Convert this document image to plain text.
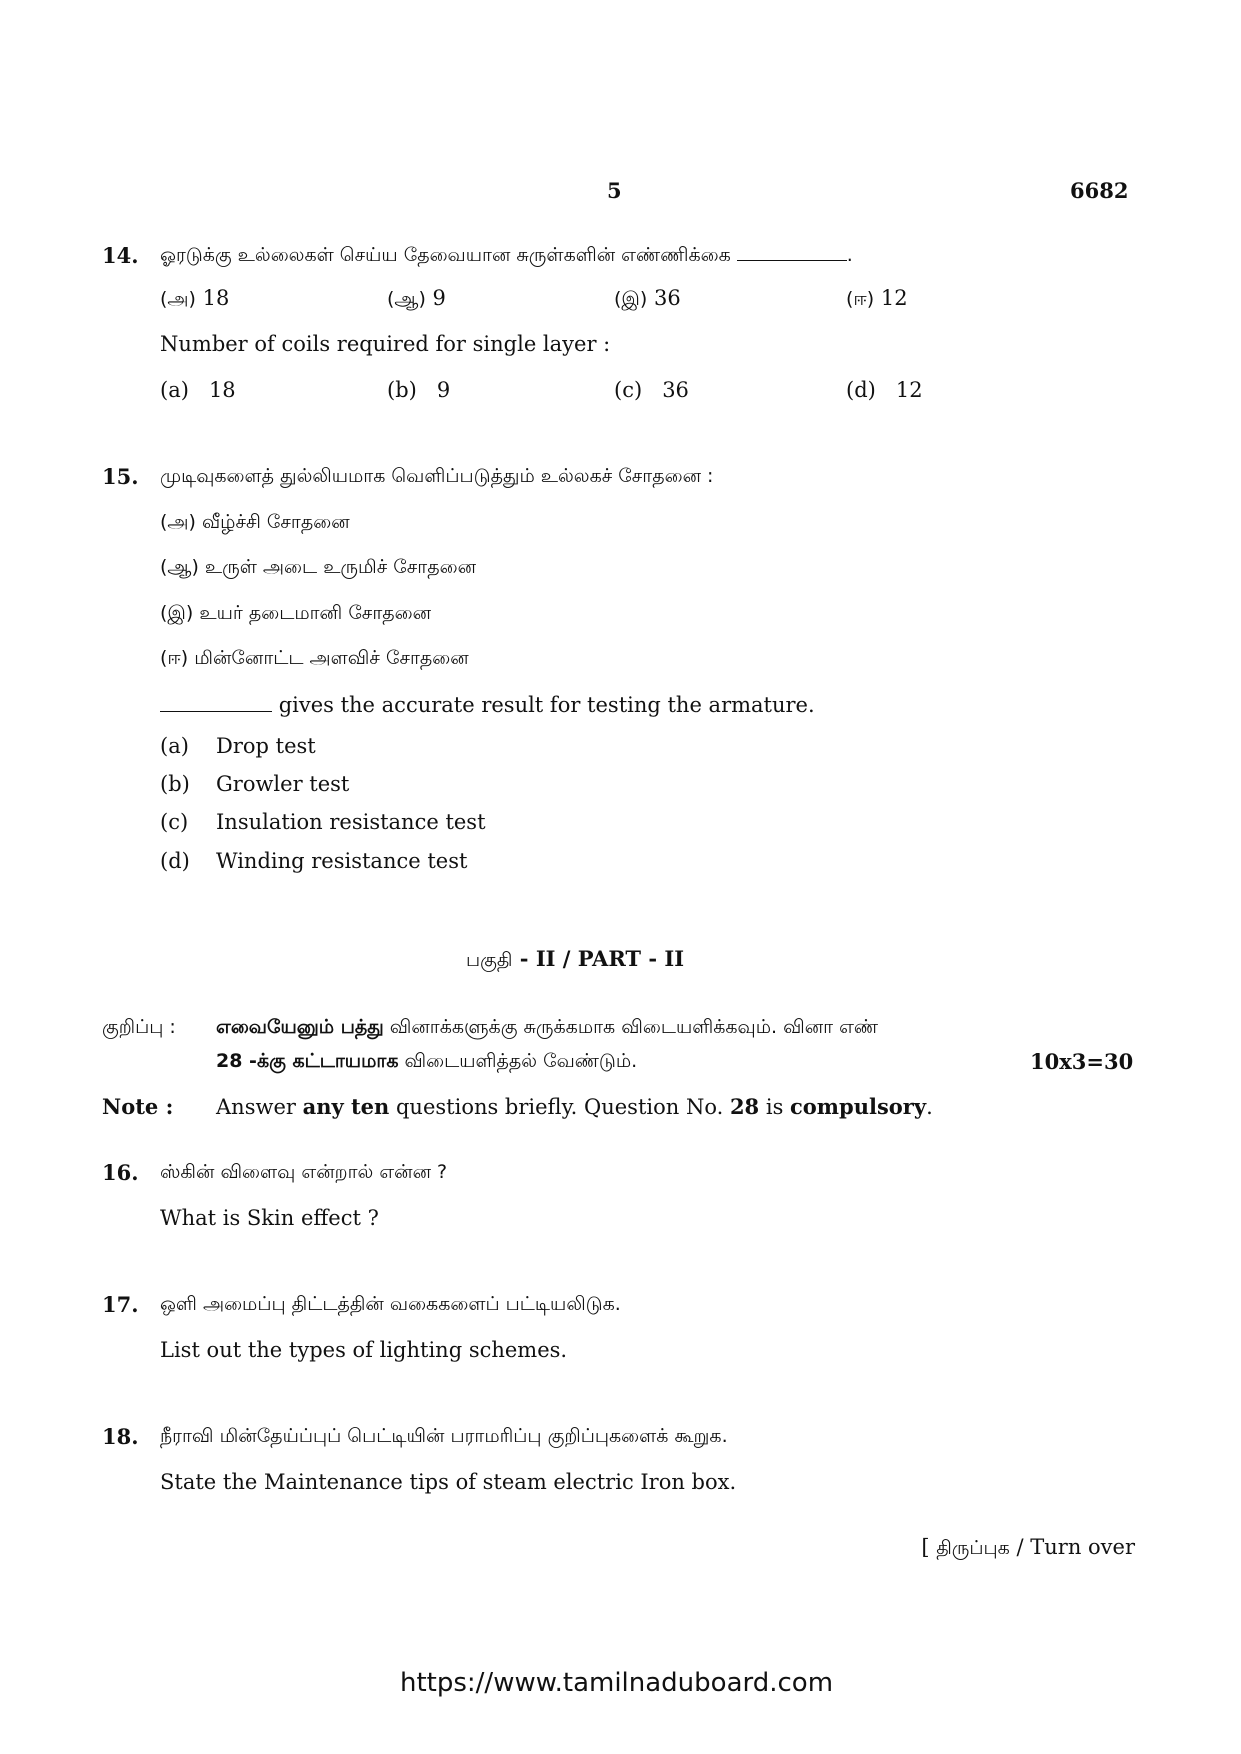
5	6682
14. ஓரடுக்கு உல்லைகள் செய்ய தேவையான சுருள்களின் எண்ணிக்கை	.
(அ) 18	(ஆ) 9	(இ) 36	(ஈ) 12
Number of coils required for single layer :
(a) 18	(b) 9	(c) 36	(d) 12
15. முடிவுகளைத் துல்லியமாக வெளிப்படுத்தும் உல்லகச் சோதனை :
(அ) வீழ்ச்சி சோதனை
(ஆ) உருள் அடை உருமிச் சோதனை
(இ) உயர் தடைமானி சோதனை
(ஈ) மின்னோட்ட அளவிச் சோதனை
gives the accurate result for testing the armature.
(a) Drop test
(b) Growler test
(c) Insulation resistance test
(d) Winding resistance test
பகுதி - II / PART - II
குறிப்பு : எவையேனும் பத்து வினாக்களுக்கு சுருக்கமாக விடையளிக்கவும். வினா எண்
28 -க்கு கட்டாயமாக விடையளித்தல் வேண்டும்.	10x3=30
Note : Answer any ten questions briefly. Question No. 28 is compulsory.
16. ஸ்கின் விளைவு என்றால் என்ன ?
What is Skin effect ?
17. ஒளி அமைப்பு திட்டத்தின் வகைகளைப் பட்டியலிடுக.
List out the types of lighting schemes.
18. நீராவி மின்தேய்ப்புப் பெட்டியின் பராமரிப்பு குறிப்புகளைக் கூறுக.
State the Maintenance tips of steam electric Iron box.
[ திருப்புக / Turn over
https://www.tamilnaduboard.com
